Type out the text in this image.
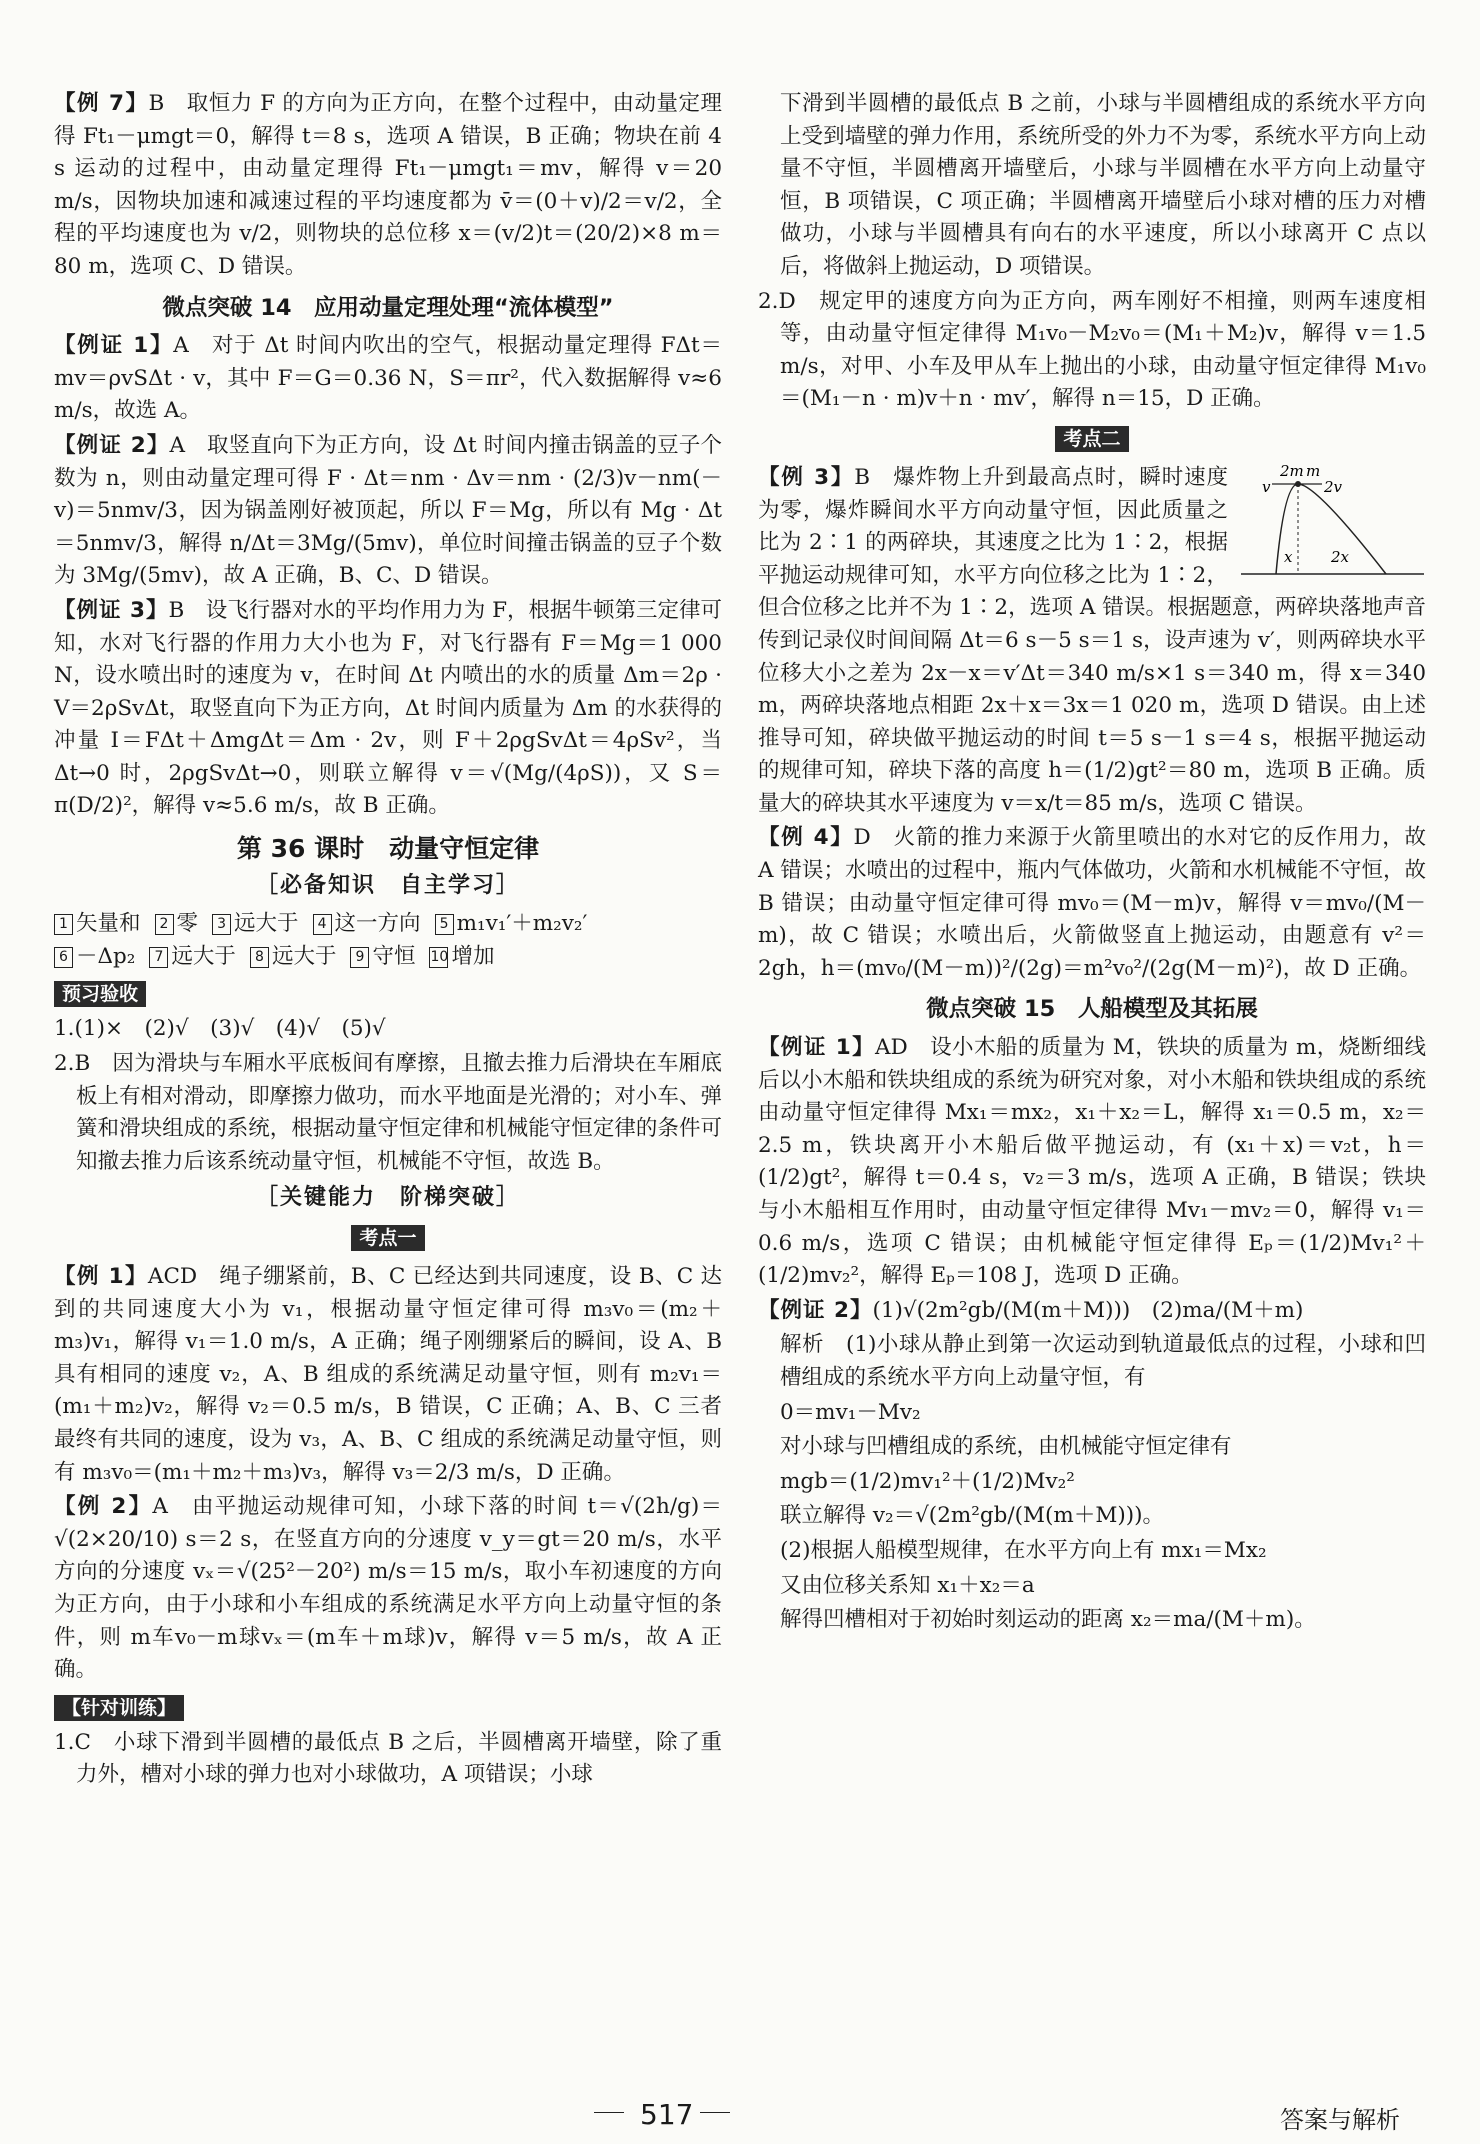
【例 7】B　取恒力 F 的方向为正方向，在整个过程中，由动量定理得 Ft₁－μmgt＝0，解得 t＝8 s，选项 A 错误，B 正确；物块在前 4 s 运动的过程中，由动量定理得 Ft₁－μmgt₁＝mv，解得 v＝20 m/s，因物块加速和减速过程的平均速度都为 v̄＝(0＋v)/2＝v/2，全程的平均速度也为 v/2，则物块的总位移 x＝(v/2)t＝(20/2)×8 m＝80 m，选项 C、D 错误。
微点突破 14　应用动量定理处理“流体模型”
【例证 1】A　对于 Δt 时间内吹出的空气，根据动量定理得 FΔt＝mv＝ρvSΔt · v，其中 F＝G＝0.36 N，S＝πr²，代入数据解得 v≈6 m/s，故选 A。
【例证 2】A　取竖直向下为正方向，设 Δt 时间内撞击锅盖的豆子个数为 n，则由动量定理可得 F · Δt＝nm · Δv＝nm · (2/3)v－nm(－v)＝5nmv/3，因为锅盖刚好被顶起，所以 F＝Mg，所以有 Mg · Δt＝5nmv/3，解得 n/Δt＝3Mg/(5mv)，单位时间撞击锅盖的豆子个数为 3Mg/(5mv)，故 A 正确，B、C、D 错误。
【例证 3】B　设飞行器对水的平均作用力为 F，根据牛顿第三定律可知，水对飞行器的作用力大小也为 F，对飞行器有 F＝Mg＝1 000 N，设水喷出时的速度为 v，在时间 Δt 内喷出的水的质量 Δm＝2ρ · V＝2ρSvΔt，取竖直向下为正方向，Δt 时间内质量为 Δm 的水获得的冲量 I＝FΔt＋ΔmgΔt＝Δm · 2v，则 F＋2ρgSvΔt＝4ρSv²，当 Δt→0 时，2ρgSvΔt→0，则联立解得 v＝√(Mg/(4ρS))，又 S＝π(D/2)²，解得 v≈5.6 m/s，故 B 正确。
第 36 课时　动量守恒定律
［必备知识　自主学习］
1 矢量和 2 零 3 远大于 4 这一方向 5 m₁v₁′＋m₂v₂′
6 －Δp₂ 7 远大于 8 远大于 9 守恒 10 增加
预习验收
1.(1)×　(2)√　(3)√　(4)√　(5)√
2.B　因为滑块与车厢水平底板间有摩擦，且撤去推力后滑块在车厢底板上有相对滑动，即摩擦力做功，而水平地面是光滑的；对小车、弹簧和滑块组成的系统，根据动量守恒定律和机械能守恒定律的条件可知撤去推力后该系统动量守恒，机械能不守恒，故选 B。
［关键能力　阶梯突破］
考点一
【例 1】ACD　绳子绷紧前，B、C 已经达到共同速度，设 B、C 达到的共同速度大小为 v₁，根据动量守恒定律可得 m₃v₀＝(m₂＋m₃)v₁，解得 v₁＝1.0 m/s，A 正确；绳子刚绷紧后的瞬间，设 A、B 具有相同的速度 v₂，A、B 组成的系统满足动量守恒，则有 m₂v₁＝(m₁＋m₂)v₂，解得 v₂＝0.5 m/s，B 错误，C 正确；A、B、C 三者最终有共同的速度，设为 v₃，A、B、C 组成的系统满足动量守恒，则有 m₃v₀＝(m₁＋m₂＋m₃)v₃，解得 v₃＝2/3 m/s，D 正确。
【例 2】A　由平抛运动规律可知，小球下落的时间 t＝√(2h/g)＝√(2×20/10) s＝2 s，在竖直方向的分速度 v_y＝gt＝20 m/s，水平方向的分速度 vₓ＝√(25²－20²) m/s＝15 m/s，取小车初速度的方向为正方向，由于小球和小车组成的系统满足水平方向上动量守恒的条件，则 m车v₀－m球vₓ＝(m车＋m球)v，解得 v＝5 m/s，故 A 正确。
【针对训练】
1.C　小球下滑到半圆槽的最低点 B 之后，半圆槽离开墙壁，除了重力外，槽对小球的弹力也对小球做功，A 项错误；小球
下滑到半圆槽的最低点 B 之前，小球与半圆槽组成的系统水平方向上受到墙壁的弹力作用，系统所受的外力不为零，系统水平方向上动量不守恒，半圆槽离开墙壁后，小球与半圆槽在水平方向上动量守恒，B 项错误，C 项正确；半圆槽离开墙壁后小球对槽的压力对槽做功，小球与半圆槽具有向右的水平速度，所以小球离开 C 点以后，将做斜上抛运动，D 项错误。
2.D　规定甲的速度方向为正方向，两车刚好不相撞，则两车速度相等，由动量守恒定律得 M₁v₀－M₂v₀＝(M₁＋M₂)v，解得 v＝1.5 m/s，对甲、小车及甲从车上抛出的小球，由动量守恒定律得 M₁v₀＝(M₁－n · m)v＋n · mv′，解得 n＝15，D 正确。
考点二
2m m
v	2v
x	2x
【例 3】B　爆炸物上升到最高点时，瞬时速度为零，爆炸瞬间水平方向动量守恒，因此质量之比为 2∶1 的两碎块，其速度之比为 1∶2，根据平抛运动规律可知，水平方向位移之比为 1∶2，但合位移之比并不为 1∶2，选项 A 错误。根据题意，两碎块落地声音传到记录仪时间间隔 Δt＝6 s－5 s＝1 s，设声速为 v′，则两碎块水平位移大小之差为 2x－x＝v′Δt＝340 m/s×1 s＝340 m，得 x＝340 m，两碎块落地点相距 2x＋x＝3x＝1 020 m，选项 D 错误。由上述推导可知，碎块做平抛运动的时间 t＝5 s－1 s＝4 s，根据平抛运动的规律可知，碎块下落的高度 h＝(1/2)gt²＝80 m，选项 B 正确。质量大的碎块其水平速度为 v＝x/t＝85 m/s，选项 C 错误。
【例 4】D　火箭的推力来源于火箭里喷出的水对它的反作用力，故 A 错误；水喷出的过程中，瓶内气体做功，火箭和水机械能不守恒，故 B 错误；由动量守恒定律可得 mv₀＝(M－m)v，解得 v＝mv₀/(M－m)，故 C 错误；水喷出后，火箭做竖直上抛运动，由题意有 v²＝2gh，h＝(mv₀/(M－m))²/(2g)＝m²v₀²/(2g(M－m)²)，故 D 正确。
微点突破 15　人船模型及其拓展
【例证 1】AD　设小木船的质量为 M，铁块的质量为 m，烧断细线后以小木船和铁块组成的系统为研究对象，对小木船和铁块组成的系统由动量守恒定律得 Mx₁＝mx₂，x₁＋x₂＝L，解得 x₁＝0.5 m，x₂＝2.5 m，铁块离开小木船后做平抛运动，有 (x₁＋x)＝v₂t，h＝(1/2)gt²，解得 t＝0.4 s，v₂＝3 m/s，选项 A 正确，B 错误；铁块与小木船相互作用时，由动量守恒定律得 Mv₁－mv₂＝0，解得 v₁＝0.6 m/s，选项 C 错误；由机械能守恒定律得 Eₚ＝(1/2)Mv₁²＋(1/2)mv₂²，解得 Eₚ＝108 J，选项 D 正确。
【例证 2】(1)√(2m²gb/(M(m＋M)))　(2)ma/(M＋m)
解析　(1)小球从静止到第一次运动到轨道最低点的过程，小球和凹槽组成的系统水平方向上动量守恒，有
0＝mv₁－Mv₂
对小球与凹槽组成的系统，由机械能守恒定律有
mgb＝(1/2)mv₁²＋(1/2)Mv₂²
联立解得 v₂＝√(2m²gb/(M(m＋M)))。
(2)根据人船模型规律，在水平方向上有 mx₁＝Mx₂
又由位移关系知 x₁＋x₂＝a
解得凹槽相对于初始时刻运动的距离 x₂＝ma/(M＋m)。
517	答案与解析
